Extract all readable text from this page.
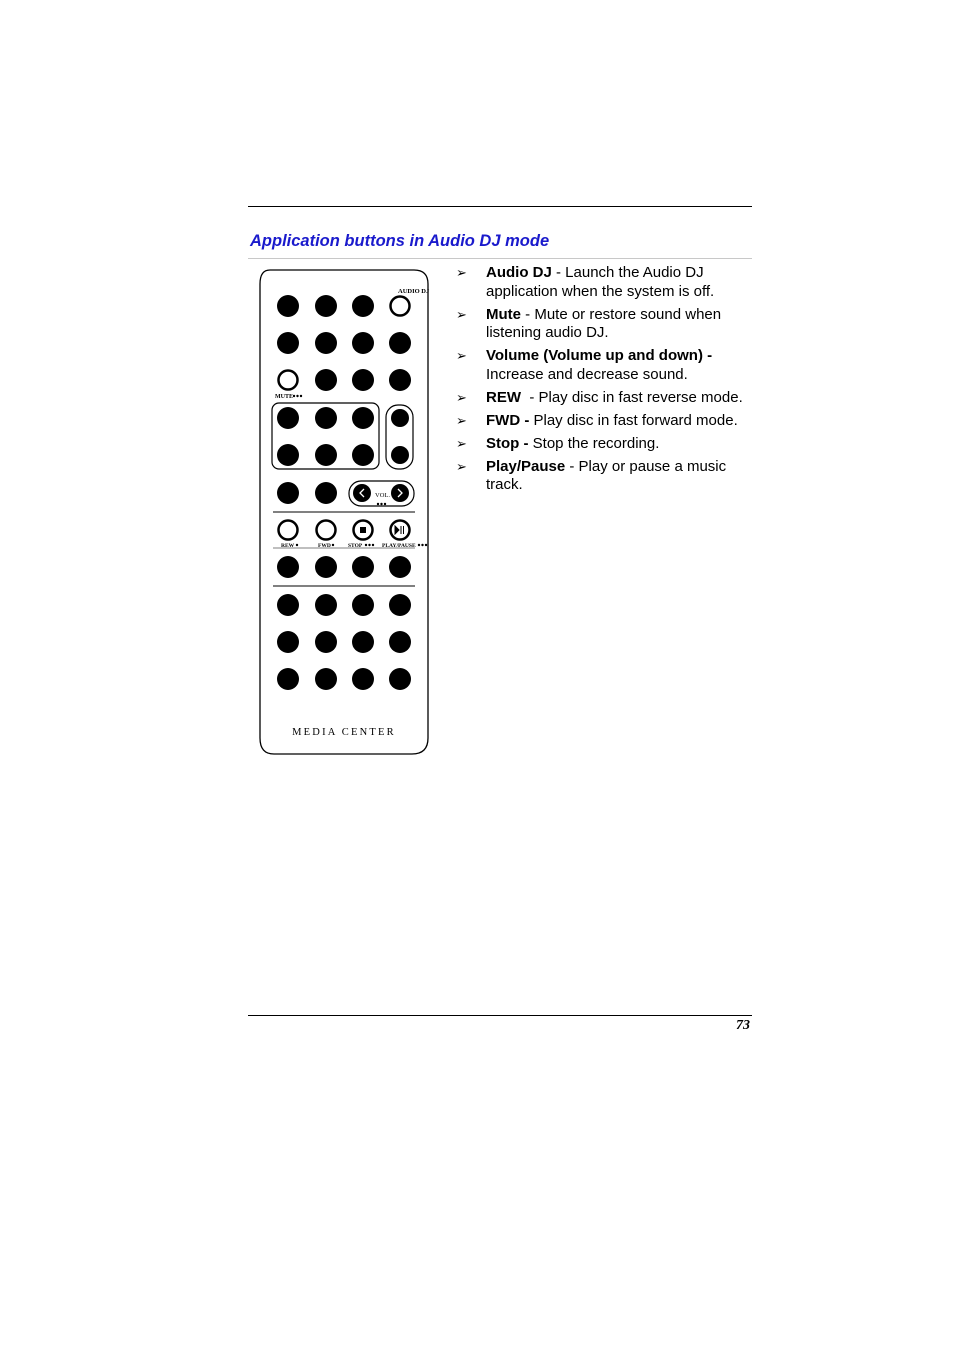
Application buttons in Audio DJ mode
AUDIO DJ
MUTE
VOL.
REW	FWD	STOP	PLAY/PAUSE
MEDIA CENTER
➢ Audio DJ - Launch the Audio DJ application when the system is off.
➢ Mute - Mute or restore sound when listening audio DJ.
➢ Volume (Volume up and down) - Increase and decrease sound.
➢ REW  - Play disc in fast reverse mode.
➢ FWD - Play disc in fast forward mode.
➢ Stop - Stop the recording.
➢ Play/Pause - Play or pause a music track.
73
